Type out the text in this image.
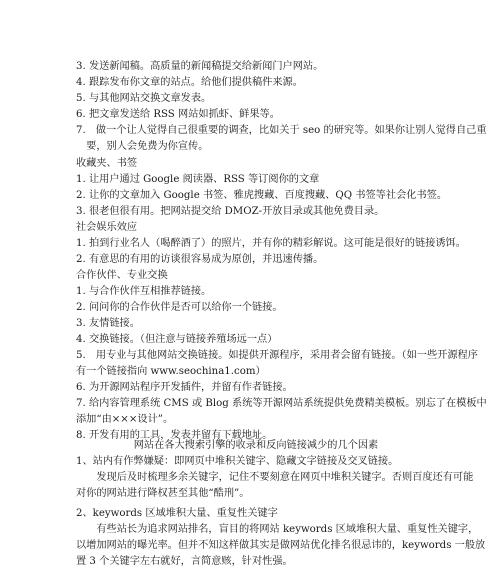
3. 发送新闻稿。高质量的新闻稿提交给新闻门户网站。
4. 跟踪发布你文章的站点。给他们提供稿件来源。
5. 与其他网站交换文章发表。
6. 把文章发送给 RSS 网站如抓虾、鲜果等。
7.　做一个让人觉得自己很重要的调查，比如关于 seo 的研究等。如果你让别人觉得自己重
　要，别人会免费为你宣传。
收藏夹、书签
1. 让用户通过 Google 阅读器、RSS 等订阅你的文章
2. 让你的文章加入 Google 书签、雅虎搜藏、百度搜藏、QQ 书签等社会化书签。
3. 很老但很有用。把网站提交给 DMOZ-开放目录或其他免费目录。
社会娱乐效应
1. 拍到行业名人（喝醉酒了）的照片，并有你的精彩解说。这可能是很好的链接诱饵。
2. 有意思的有用的访谈很容易成为原创，并迅速传播。
合作伙伴、专业交换
1. 与合作伙伴互相推荐链接。
2. 问问你的合作伙伴是否可以给你一个链接。
3. 友情链接。
4. 交换链接。（但注意与链接养殖场远一点）
5.　用专业与其他网站交换链接。如提供开源程序，采用者会留有链接。（如一些开源程序
有一个链接指向 www.seochina1.com）
6. 为开源网站程序开发插件，并留有作者链接。
7. 给内容管理系统 CMS 或 Blog 系统等开源网站系统提供免费精美模板。别忘了在模板中
添加“由×××设计”。
8. 开发有用的工具，发表并留有下载地址。
网站在各大搜索引擎的收录和反向链接减少的几个因素
1、站内有作弊嫌疑：即网页中堆积关键字、隐藏文字链接及交叉链接。
　　发现后及时梳理多余关键字，记住不要刻意在网页中堆积关键字。否则百度还有可能
对你的网站进行降权甚至其他“酷刑”。
2、keywords 区域堆积大量、重复性关键字
　　有些站长为追求网站排名，盲目的将网站 keywords 区域堆积大量、重复性关键字，
以增加网站的曝光率。但并不知这样做其实是做网站优化排名很忌讳的，keywords 一般放
置 3 个关键字左右就好，言简意赅，针对性强。
